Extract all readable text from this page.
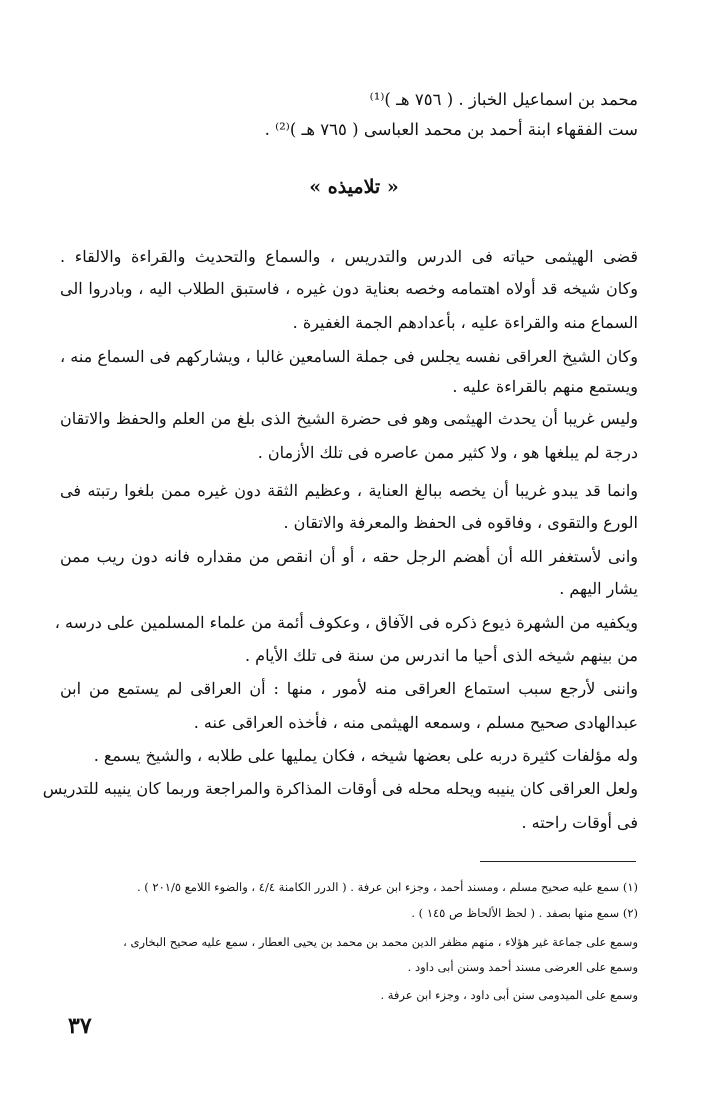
محمد بن اسماعيل الخباز . ( ٧٥٦ هـ )⁽¹⁾
ست الفقهاء ابنة أحمد بن محمد العباسى ( ٧٦٥ هـ )⁽²⁾ .
« تلاميذه »
قضى الهيثمى حياته فى الدرس والتدريس ، والسماع والتحديث والقراءة والالقاء .
وكان شيخه قد أولاه اهتمامه وخصه بعناية دون غيره ، فاستبق الطلاب اليه ، وبادروا الى
السماع منه والقراءة عليه ، بأعدادهم الجمة الغفيرة .
وكان الشيخ العراقى نفسه يجلس فى جملة السامعين غالبا ، ويشاركهم فى السماع منه ،
ويستمع منهم بالقراءة عليه .
وليس غريبا أن يحدث الهيثمى وهو فى حضرة الشيخ الذى بلغ من العلم والحفظ والاتقان
درجة لم يبلغها هو ، ولا كثير ممن عاصره فى تلك الأزمان .
وانما قد يبدو غريبا أن يخصه ببالغ العناية ، وعظيم الثقة دون غيره ممن بلغوا رتبته فى
الورع والتقوى ، وفاقوه فى الحفظ والمعرفة والاتقان .
وانى لأستغفر الله أن أهضم الرجل حقه ، أو أن انقص من مقداره فانه دون ريب ممن
يشار اليهم .
ويكفيه من الشهرة ذيوع ذكره فى الآفاق ، وعكوف أئمة من علماء المسلمين على درسه ،
من بينهم شيخه الذى أحيا ما اندرس من سنة فى تلك الأيام .
واننى لأرجع سبب استماع العراقى منه لأمور ، منها : أن العراقى لم يستمع من ابن
عبدالهادى صحيح مسلم ، وسمعه الهيثمى منه ، فأخذه العراقى عنه .
وله مؤلفات كثيرة دربه على بعضها شيخه ، فكان يمليها على طلابه ، والشيخ يسمع .
ولعل العراقى كان ينيبه ويحله محله فى أوقات المذاكرة والمراجعة وربما كان ينيبه للتدريس
فى أوقات راحته .
(١) سمع عليه صحيح مسلم ، ومسند أحمد ، وجزء ابن عرفة . ( الدرر الكامنة ٤/٤ ، والضوء اللامع ٢٠١/٥ ) .
(٢) سمع منها بصفد . ( لحظ الألحاظ ص ١٤٥ ) .
وسمع على جماعة غير هؤلاء ، منهم مظفر الدين محمد بن محمد بن يحيى العطار ، سمع عليه صحيح البخارى ،
وسمع على العرضى مسند أحمد وسنن أبى داود .
وسمع على الميدومى سنن أبى داود ، وجزء ابن عرفة .
٣٧
